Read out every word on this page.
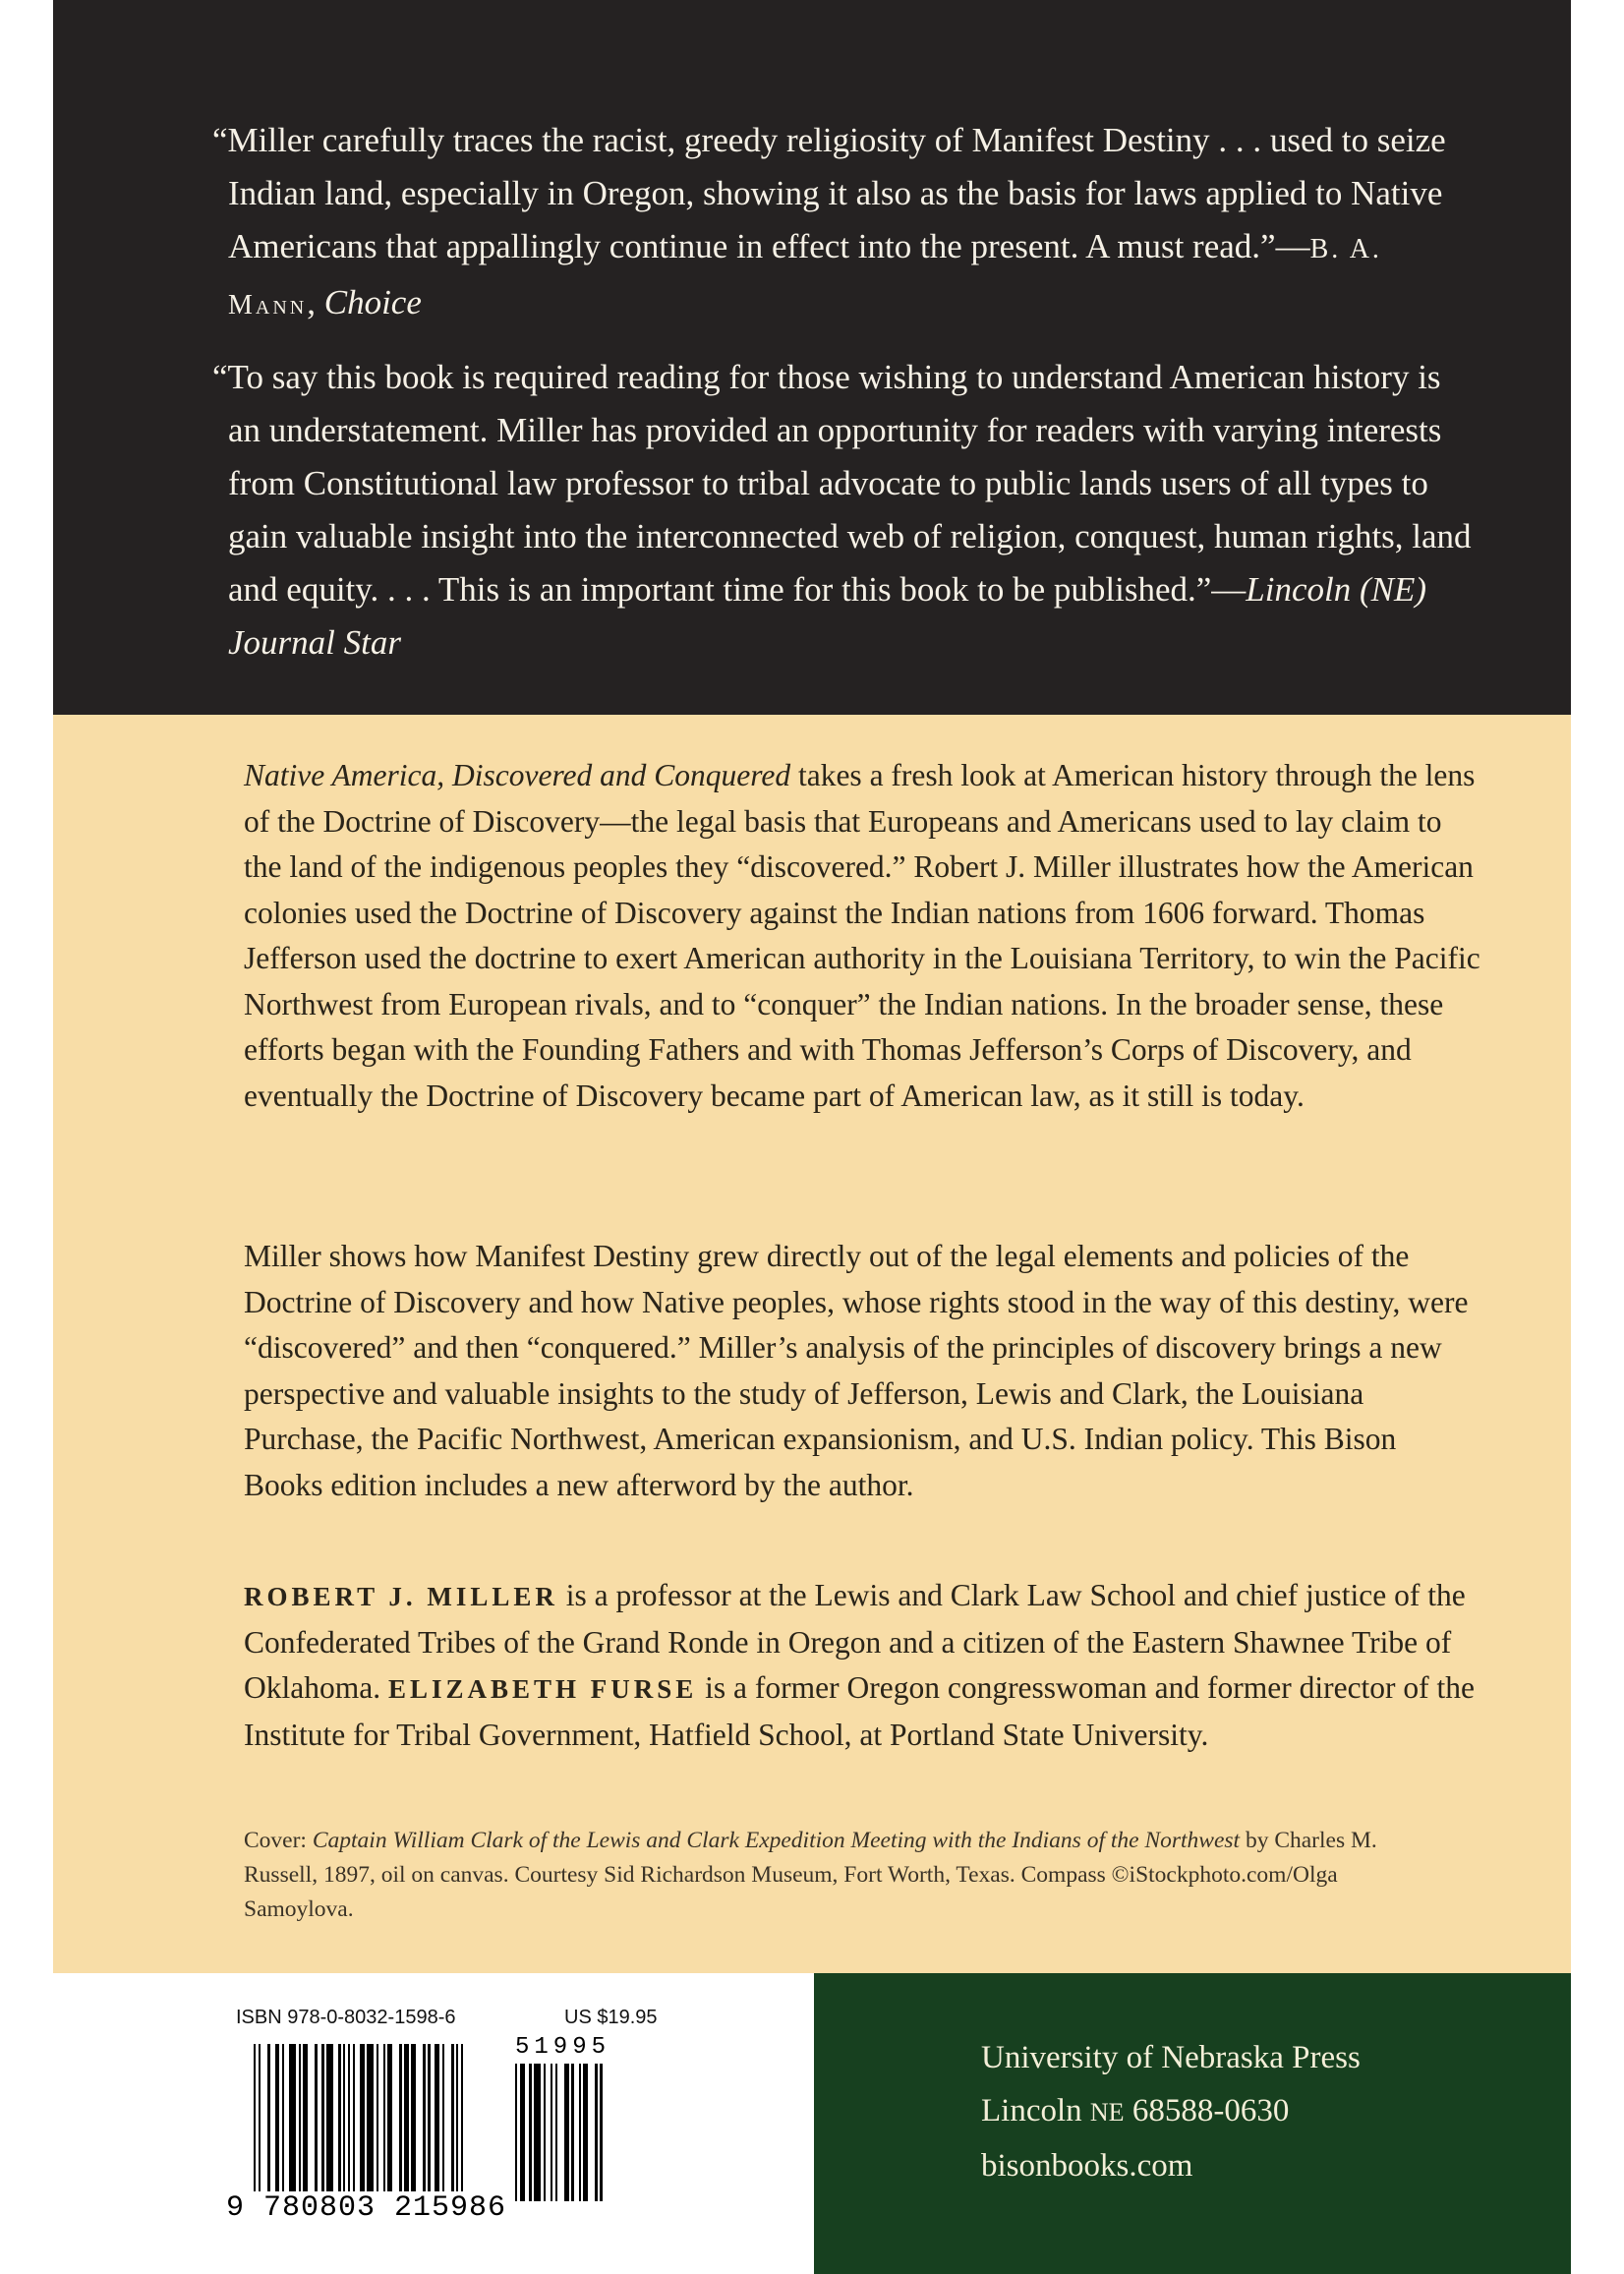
“Miller carefully traces the racist, greedy religiosity of Manifest Destiny . . . used to seize Indian land, especially in Oregon, showing it also as the basis for laws applied to Native Americans that appallingly continue in effect into the present. A must read.”—B. A. Mann, Choice

“To say this book is required reading for those wishing to understand American history is an understatement. Miller has provided an opportunity for readers with varying interests from Constitutional law professor to tribal advocate to public lands users of all types to gain valuable insight into the interconnected web of religion, conquest, human rights, land and equity. . . . This is an important time for this book to be published.”—Lincoln (NE) Journal Star

Native America, Discovered and Conquered takes a fresh look at American history through the lens of the Doctrine of Discovery—the legal basis that Europeans and Americans used to lay claim to the land of the indigenous peoples they “discovered.” Robert J. Miller illustrates how the American colonies used the Doctrine of Discovery against the Indian nations from 1606 forward. Thomas Jefferson used the doctrine to exert American authority in the Louisiana Territory, to win the Pacific Northwest from European rivals, and to “conquer” the Indian nations. In the broader sense, these efforts began with the Founding Fathers and with Thomas Jefferson’s Corps of Discovery, and eventually the Doctrine of Discovery became part of American law, as it still is today.

Miller shows how Manifest Destiny grew directly out of the legal elements and policies of the Doctrine of Discovery and how Native peoples, whose rights stood in the way of this destiny, were “discovered” and then “conquered.” Miller’s analysis of the principles of discovery brings a new perspective and valuable insights to the study of Jefferson, Lewis and Clark, the Louisiana Purchase, the Pacific Northwest, American expansionism, and U.S. Indian policy. This Bison Books edition includes a new afterword by the author.

ROBERT J. MILLER is a professor at the Lewis and Clark Law School and chief justice of the Confederated Tribes of the Grand Ronde in Oregon and a citizen of the Eastern Shawnee Tribe of Oklahoma. ELIZABETH FURSE is a former Oregon congresswoman and former director of the Institute for Tribal Government, Hatfield School, at Portland State University.

Cover: Captain William Clark of the Lewis and Clark Expedition Meeting with the Indians of the Northwest by Charles M. Russell, 1897, oil on canvas. Courtesy Sid Richardson Museum, Fort Worth, Texas. Compass ©iStockphoto.com/Olga Samoylova.

ISBN 978-0-8032-1598-6	US $19.95
51995
9 780803 215986

University of Nebraska Press

Lincoln NE 68588-0630

bisonbooks.com
